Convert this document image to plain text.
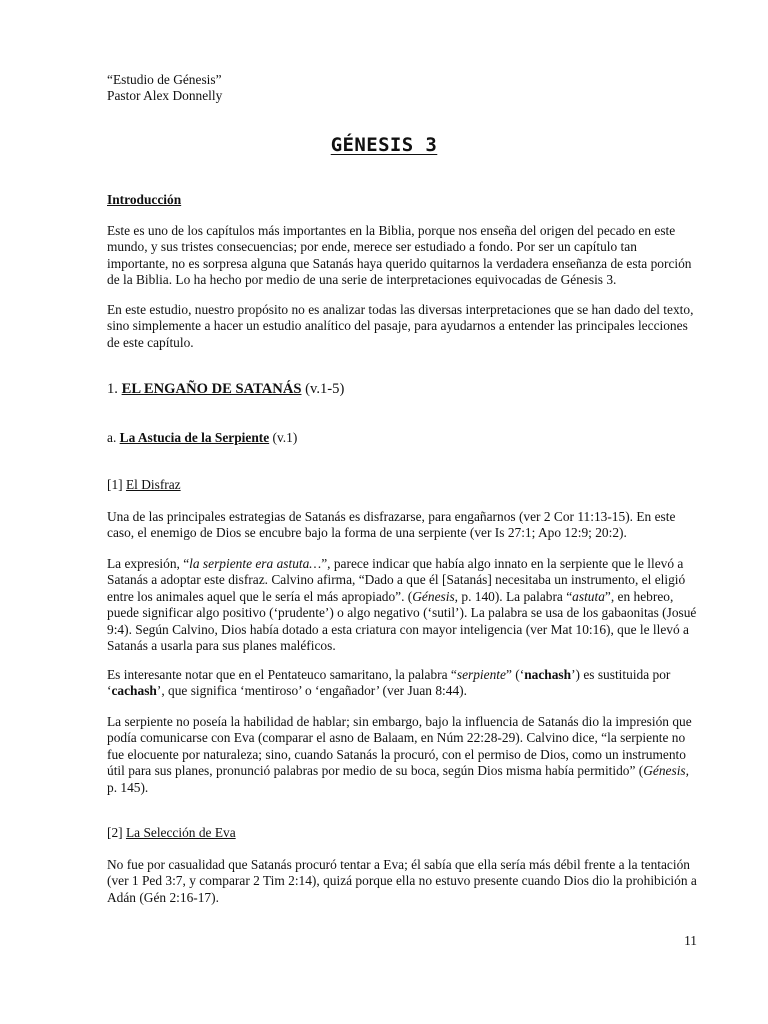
“Estudio de Génesis”

Pastor Alex Donnelly

GÉNESIS 3
Introducción

Este es uno de los capítulos más importantes en la Biblia, porque nos enseña del origen del pecado en este mundo, y sus tristes consecuencias; por ende, merece ser estudiado a fondo. Por ser un capítulo tan importante, no es sorpresa alguna que Satanás haya querido quitarnos la verdadera enseñanza de esta porción de la Biblia. Lo ha hecho por medio de una serie de interpretaciones equivocadas de Génesis 3.

En este estudio, nuestro propósito no es analizar todas las diversas interpretaciones que se han dado del texto, sino simplemente a hacer un estudio analítico del pasaje, para ayudarnos a entender las principales lecciones de este capítulo.

1. EL ENGAÑO DE SATANÁS (v.1-5)
a. La Astucia de la Serpiente (v.1)
[1] El Disfraz

Una de las principales estrategias de Satanás es disfrazarse, para engañarnos (ver 2 Cor 11:13-15). En este caso, el enemigo de Dios se encubre bajo la forma de una serpiente (ver Is 27:1; Apo 12:9; 20:2).

La expresión, “la serpiente era astuta…”, parece indicar que había algo innato en la serpiente que le llevó a Satanás a adoptar este disfraz. Calvino afirma, “Dado a que él [Satanás] necesitaba un instrumento, el eligió entre los animales aquel que le sería el más apropiado”. (Génesis, p. 140). La palabra “astuta”, en hebreo, puede significar algo positivo (‘prudente’) o algo negativo (‘sutil’). La palabra se usa de los gabaonitas (Josué 9:4). Según Calvino, Dios había dotado a esta criatura con mayor inteligencia (ver Mat 10:16), que le llevó a Satanás a usarla para sus planes maléficos.

Es interesante notar que en el Pentateuco samaritano, la palabra “serpiente” (‘nachash’) es sustituida por ‘cachash’, que significa ‘mentiroso’ o ‘engañador’ (ver Juan 8:44).

La serpiente no poseía la habilidad de hablar; sin embargo, bajo la influencia de Satanás dio la impresión que podía comunicarse con Eva (comparar el asno de Balaam, en Núm 22:28-29). Calvino dice, “la serpiente no fue elocuente por naturaleza; sino, cuando Satanás la procuró, con el permiso de Dios, como un instrumento útil para sus planes, pronunció palabras por medio de su boca, según Dios misma había permitido” (Génesis, p. 145).

[2] La Selección de Eva

No fue por casualidad que Satanás procuró tentar a Eva; él sabía que ella sería más débil frente a la tentación (ver 1 Ped 3:7, y comparar 2 Tim 2:14), quizá porque ella no estuvo presente cuando Dios dio la prohibición a Adán (Gén 2:16-17).

11
